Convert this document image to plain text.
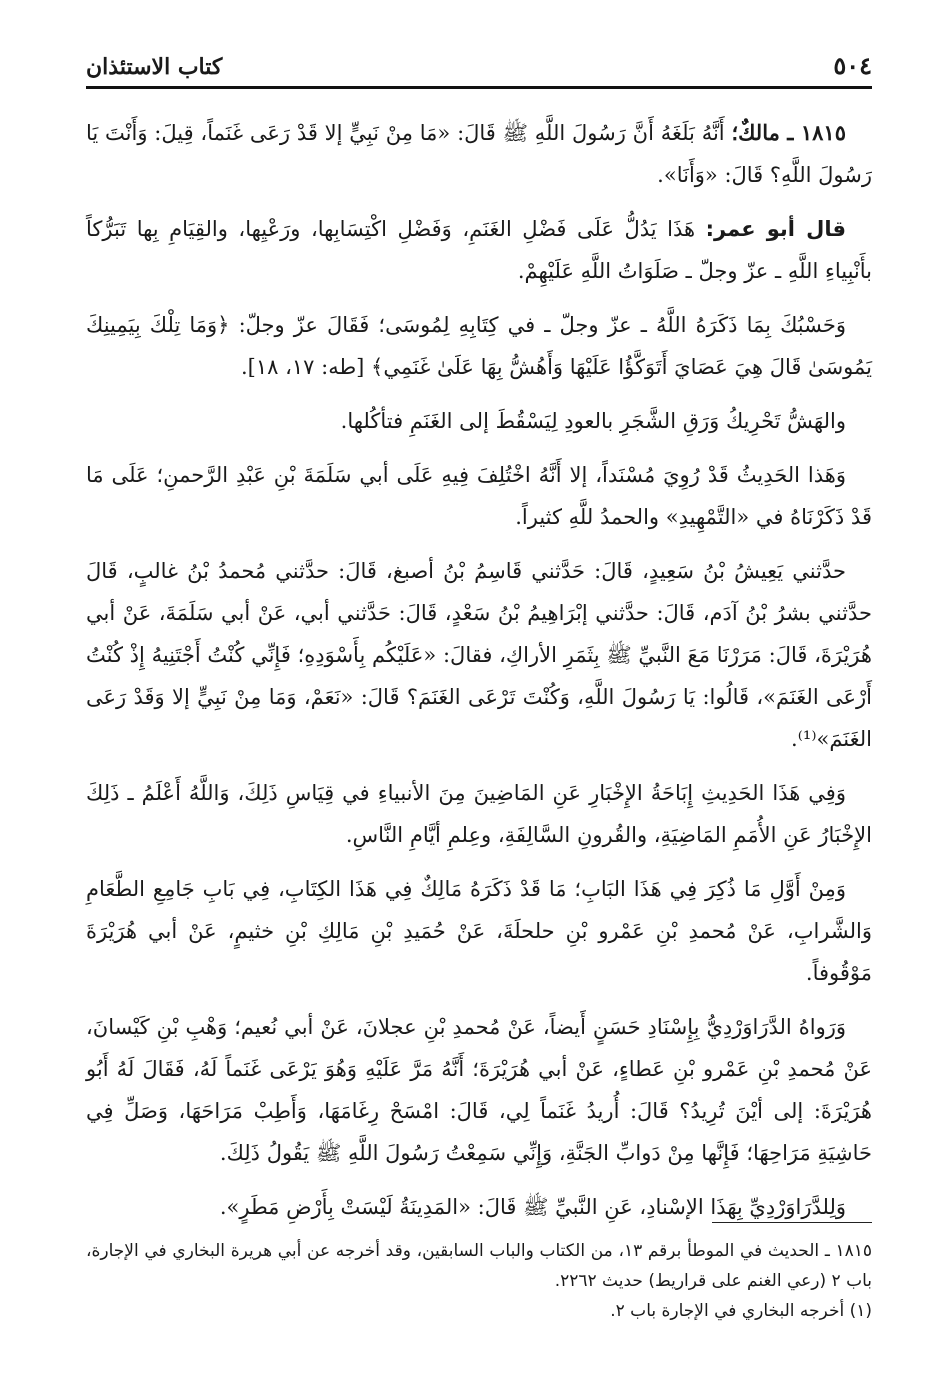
٥٠٤
كتاب الاستئذان

١٨١٥ ـ مالكٌ؛ أَنَّهُ بَلَغَهُ أَنَّ رَسُولَ اللَّهِ ﷺ قَالَ: «مَا مِنْ نَبِيٍّ إلا قَدْ رَعَى غَنَماً، قِيلَ: وَأَنْتَ يَا رَسُولَ اللَّهِ؟ قَالَ: «وَأَنَا».

قال أبو عمر: هَذَا يَدُلُّ عَلَى فَضْلِ الغَنَمِ، وَفَضْلِ اكْتِسَابِها، ورَعْيِها، والقِيَامِ بِها تَبَرُّكاً بأَنْبِياءِ اللَّهِ ـ عزّ وجلّ ـ صَلَوَاتُ اللَّهِ عَلَيْهِمْ.

وَحَسْبُكَ بِمَا ذَكَرَهُ اللَّهُ ـ عزّ وجلّ ـ في كِتَابِهِ لِمُوسَى؛ فَقَالَ عزّ وجلّ: ﴿وَمَا تِلْكَ بِيَمِينِكَ يَمُوسَىٰ قَالَ هِيَ عَصَايَ أَتَوَكَّؤُا عَلَيْهَا وَأَهُشُّ بِهَا عَلَىٰ غَنَمِي﴾ [طه: ١٧، ١٨].

والهَشُّ تَحْرِيكُ وَرَقِ الشَّجَرِ بالعودِ لِيَسْقُطَ إلى الغَنَمِ فتأكُلها.

وَهَذا الحَدِيثُ قَدْ رُوِيَ مُسْنَداً، إلا أَنَّهُ اخْتُلِفَ فِيهِ عَلَى أبي سَلَمَةَ بْنِ عَبْدِ الرَّحمنِ؛ عَلَى مَا قَدْ ذَكَرْنَاهُ في «التَّمْهِيدِ» والحمدُ للَّهِ كثيراً.

حدَّثني يَعِيشُ بْنُ سَعِيدٍ، قَالَ: حَدَّثني قَاسِمُ بْنُ أصبغ، قَالَ: حدَّثني مُحمدُ بْنُ غالبٍ، قَالَ حدَّثني بشرُ بْنُ آدَم، قَالَ: حدَّثني إبْرَاهِيمُ بْنُ سَعْدٍ، قَالَ: حَدَّثني أبي، عَنْ أبي سَلَمَةَ، عَنْ أبي هُرَيْرَةَ، قَالَ: مَرَرْنَا مَعَ النَّبيِّ ﷺ بِثَمَرِ الأراكِ، فقالَ: «عَلَيْكُم بِأَسْوَدِهِ؛ فَإِنِّي كُنْتُ أَجْتَنِيهُ إِذْ كُنْتُ أَرْعَى الغَنَمَ»، قَالُوا: يَا رَسُولَ اللَّهِ، وَكُنْتَ تَرْعَى الغَنَمَ؟ قَالَ: «نَعَمْ، وَمَا مِنْ نَبِيٍّ إلا وَقَدْ رَعَى الغَنَمَ»⁽¹⁾.

وَفِي هَذَا الحَدِيثِ إِبَاحَةُ الإِخْبَارِ عَنِ المَاضِينَ مِنَ الأنبياءِ في قِيَاسِ ذَلِكَ، وَاللَّهُ أَعْلَمُ ـ ذَلِكَ الإِخْبَارُ عَنِ الأُمَمِ المَاضِيَةِ، والقُرونِ السَّالِفَةِ، وعِلمِ أيَّامِ النَّاسِ.

وَمِنْ أَوَّلِ مَا ذُكِرَ فِي هَذَا البَابِ؛ مَا قَدْ ذَكَرَهُ مَالِكٌ فِي هَذَا الكِتَابِ، فِي بَابِ جَامِعِ الطَّعَامِ وَالشَّرابِ، عَنْ مُحمدِ بْنِ عَمْرو بْنِ حلحلَةَ، عَنْ حُمَيدِ بْنِ مَالِكِ بْنِ خثيمٍ، عَنْ أبي هُرَيْرَةَ مَوْقُوفاً.

وَرَواهُ الدَّرَاوَرْدِيُّ بِإِسْنَادِ حَسَنٍ أَيضاً، عَنْ مُحمدِ بْنِ عجلانَ، عَنْ أبي نُعيم؛ وَهْبِ بْنِ كَيْسانَ، عَنْ مُحمدِ بْنِ عَمْرو بْنِ عَطاءٍ، عَنْ أبي هُرَيْرَةَ؛ أَنَّهُ مَرَّ عَلَيْهِ وَهُوَ يَرْعَى غَنَماً لَهُ، فَقَالَ لَهُ أَبُو هُرَيْرَةَ: إلى أيْنَ تُرِيدُ؟ قَالَ: أُريدُ غَنَماً لِي، قَالَ: امْسَحْ رِغَامَهَا، وَأَطِبْ مَرَاحَهَا، وَصَلِّ فِي حَاشِيَةِ مَرَاحِهَا؛ فَإِنَّها مِنْ دَوابِّ الجَنَّةِ، وَإِنِّي سَمِعْتُ رَسُولَ اللَّهِ ﷺ يَقُولُ ذَلِكَ.

وَلِلدَّرَاوَرْدِيِّ بِهَذَا الإسْنادِ، عَنِ النَّبيِّ ﷺ قَالَ: «المَدِينَةُ لَيْسَتْ بِأَرْضِ مَطَرٍ».

١٨١٥ ـ الحديث في الموطأ برقم ١٣، من الكتاب والباب السابقين، وقد أخرجه عن أبي هريرة البخاري في الإجارة، باب ٢ (رعي الغنم على قراريط) حديث ٢٢٦٢.

(١) أخرجه البخاري في الإجارة باب ٢.
